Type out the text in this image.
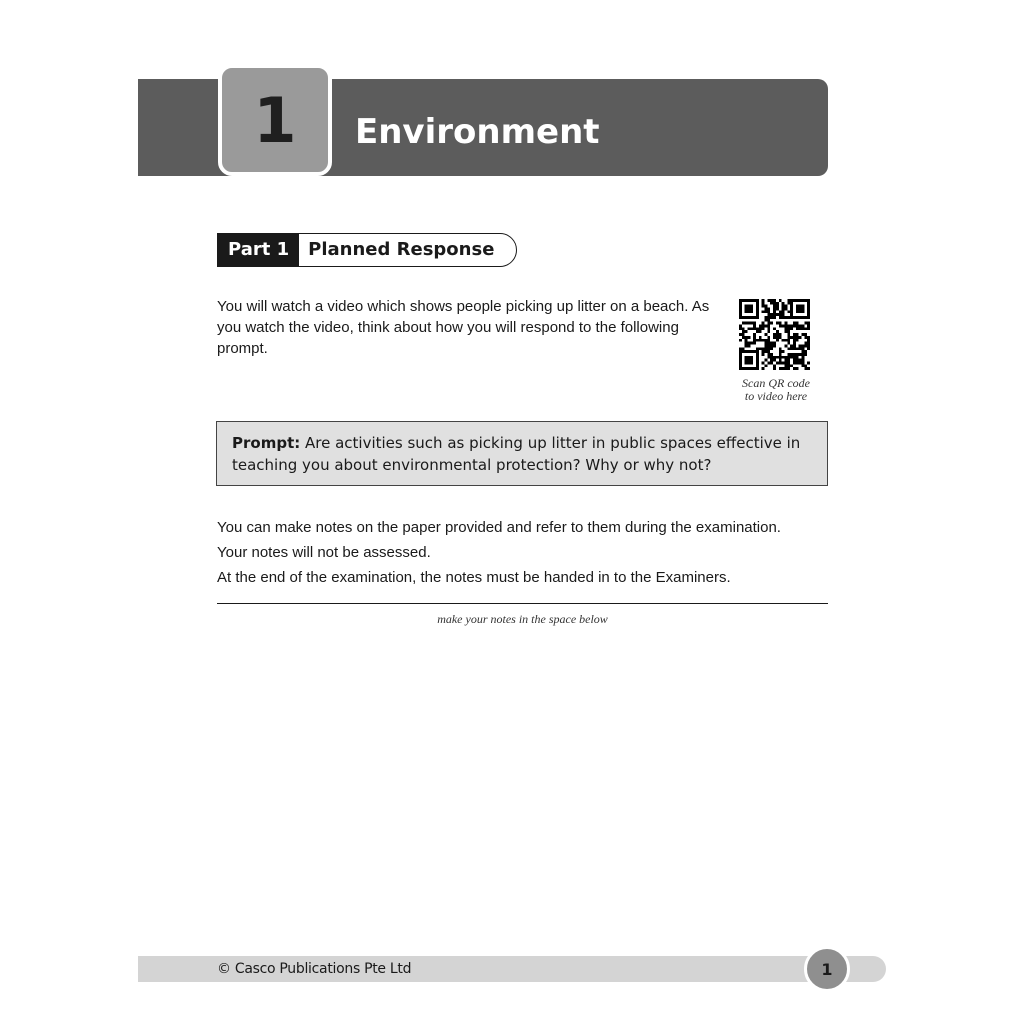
1 Environment
Part 1	Planned Response

You will watch a video which shows people picking up litter on a beach. As you watch the video, think about how you will respond to the following prompt.

Scan QR code
to video here
Prompt: Are activities such as picking up litter in public spaces effective in teaching you about environmental protection? Why or why not?

You can make notes on the paper provided and refer to them during the examination.

Your notes will not be assessed.

At the end of the examination, the notes must be handed in to the Examiners.

make your notes in the space below
© Casco Publications Pte Ltd	1
